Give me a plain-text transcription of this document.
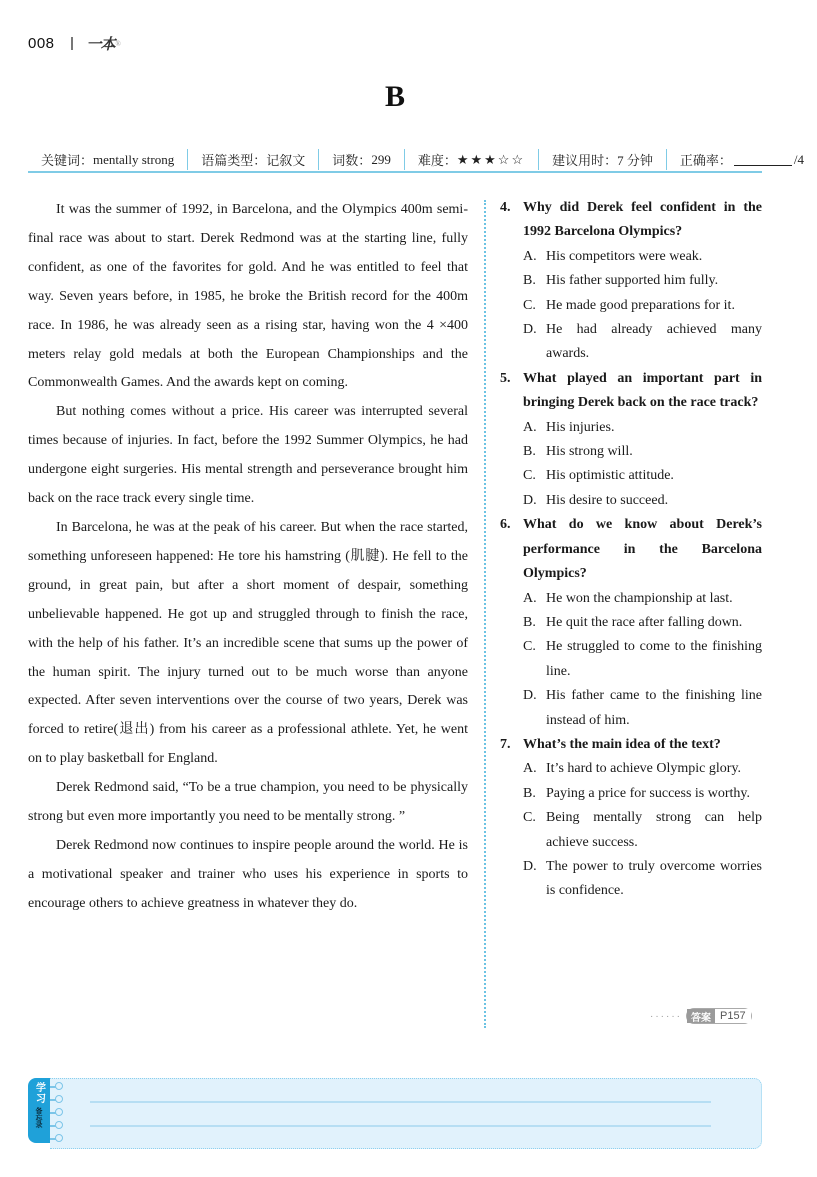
008 一本 ®
B
关键词： mentally strong 语篇类型： 记叙文 词数： 299 难度： ★★★☆☆ 建议用时： 7 分钟 正确率：	/4

It was the summer of 1992, in Barcelona, and the Olympics 400m semi-final race was about to start. Derek Redmond was at the starting line, fully confident, as one of the favorites for gold. And he was entitled to feel that way. Seven years before, in 1985, he broke the British record for the 400m race. In 1986, he was already seen as a rising star, having won the 4 ×400 meters relay gold medals at both the European Championships and the Commonwealth Games. And the awards kept on coming.

But nothing comes without a price. His career was interrupted several times because of injuries. In fact, before the 1992 Summer Olympics, he had undergone eight surgeries. His mental strength and perseverance brought him back on the race track every single time.

In Barcelona, he was at the peak of his career. But when the race started, something unforeseen happened: He tore his hamstring (肌腱). He fell to the ground, in great pain, but after a short moment of despair, something unbelievable happened. He got up and struggled through to finish the race, with the help of his father. It’s an incredible scene that sums up the power of the human spirit. The injury turned out to be much worse than anyone expected. After seven interventions over the course of two years, Derek was forced to retire(退出) from his career as a professional athlete. Yet, he went on to play basketball for England.

Derek Redmond said, “To be a true champion, you need to be physically strong but even more importantly you need to be mentally strong. ”

Derek Redmond now continues to inspire people around the world. He is a motivational speaker and trainer who uses his experience in sports to encourage others to achieve greatness in whatever they do.

4. Why did Derek feel confident in the 1992 Barcelona Olympics?
A. His competitors were weak.
B. His father supported him fully.
C. He made good preparations for it.
D. He had already achieved many awards.
5. What played an important part in bringing Derek back on the race track?
A. His injuries.
B. His strong will.
C. His optimistic attitude.
D. His desire to succeed.
6. What do we know about Derek’s performance in the Barcelona Olympics?
A. He won the championship at last.
B. He quit the race after falling down.
C. He struggled to come to the finishing line.
D. His father came to the finishing line instead of him.
7. What’s the main idea of the text?
A. It’s hard to achieve Olympic glory.
B. Paying a price for success is worthy.
C. Being mentally strong can help achieve success.
D. The power to truly overcome worries is confidence.
······ 答案 P157
学习
备忘录
